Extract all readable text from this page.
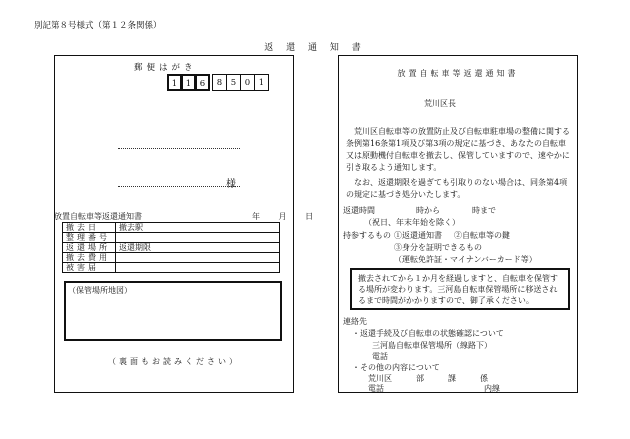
別記第８号様式（第１２条関係）
返 還 通 知 書
郵便はがき
1	1	6	8	5	0	1
様
放置自転車等返還通知書	年 月 日
撤去日	撤去駅
整理番号	
返還場所	返還期限
撤去費用	
被害届	
（保管場所地図）
（裏面もお読みください）
放置自転車等返還通知書
荒川区長
荒川区自転車等の放置防止及び自転車駐車場の整備に関する条例第16条第1項及び第3項の規定に基づき、あなたの自転車又は原動機付自転車を撤去し、保管していますので、速やかに引き取るよう通知します。
なお、返還期限を過ぎても引取りのない場合は、同条第4項の規定に基づき処分いたします。
返還時間	時から	時まで
（祝日、年末年始を除く）
持参するもの ①返還通知書 ②自転車等の鍵
③身分を証明できるもの
（運転免許証・マイナンバーカード等）
撤去されてから１か月を経過しますと、自転車を保管する場所が変わります。三河島自転車保管場所に移送されるまで時間がかかりますので、御了承ください。
連絡先
・返還手続及び自転車の状態確認について
三河島自転車保管場所（線路下）
電話
・その他の内容について
荒川区　　　部　　　課　　　係
電話	内線
